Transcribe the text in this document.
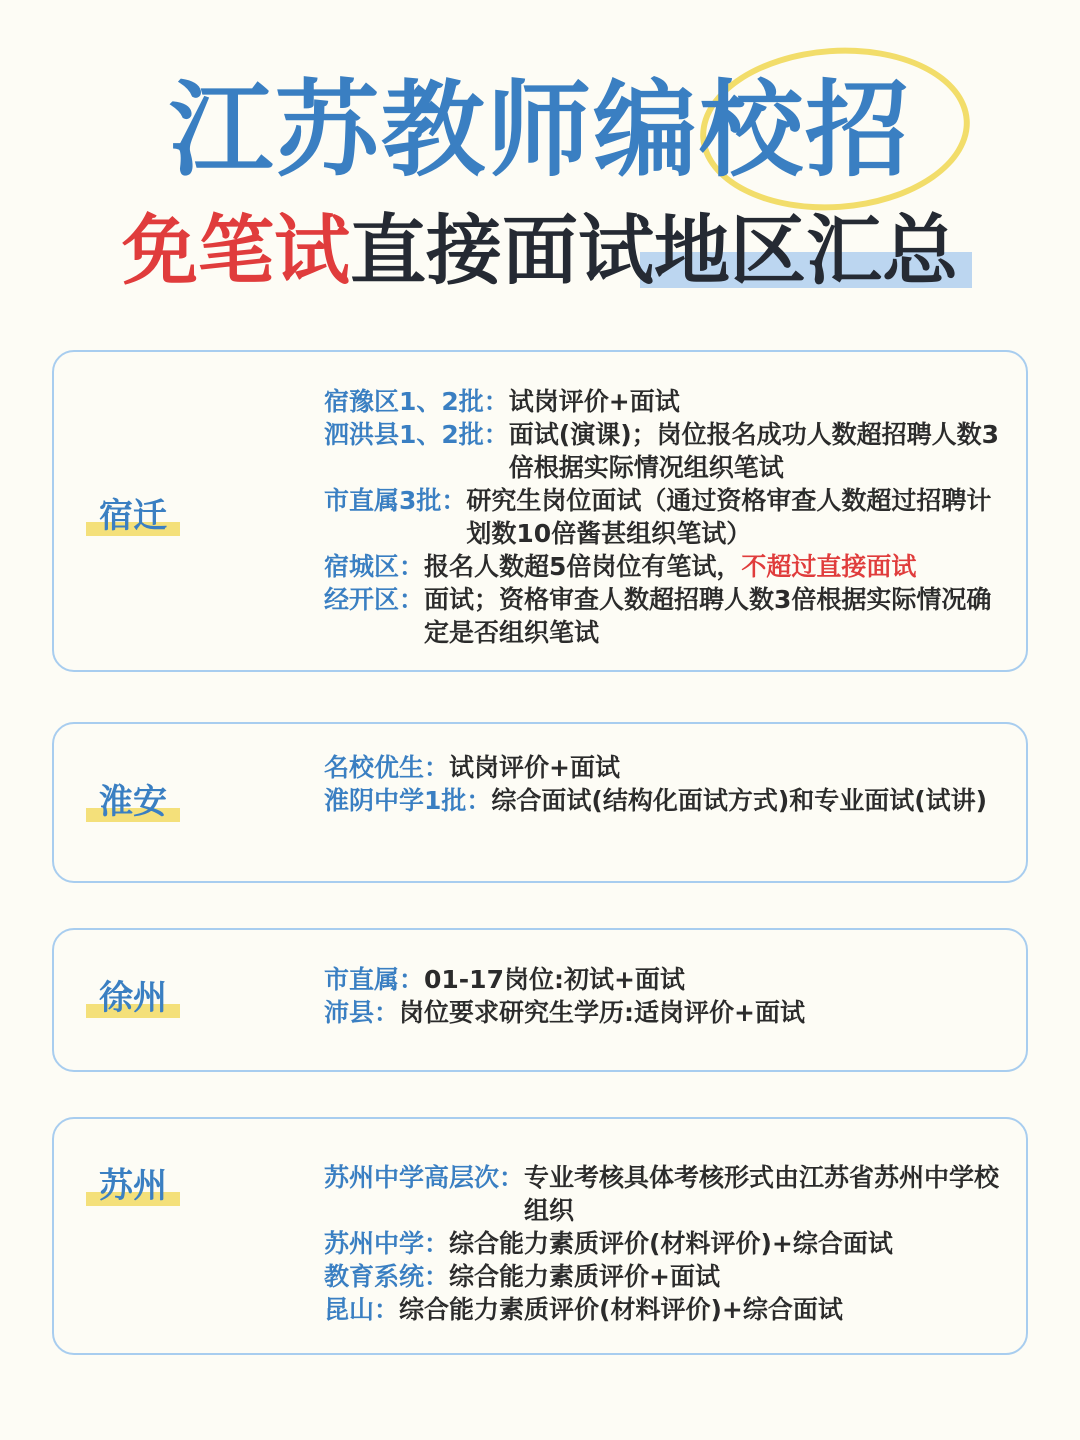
江苏教师编校招
免笔试直接面试地区汇总
宿迁
宿豫区1、2批： 试岗评价+面试
泗洪县1、2批： 面试(演课)；岗位报名成功人数超招聘人数3倍根据实际情况组织笔试
市直属3批： 研究生岗位面试（通过资格审查人数超过招聘计划数10倍酱甚组织笔试）
宿城区： 报名人数超5倍岗位有笔试，不超过直接面试
经开区： 面试；资格审查人数超招聘人数3倍根据实际情况确定是否组织笔试
淮安
名校优生： 试岗评价+面试
淮阴中学1批： 综合面试(结构化面试方式)和专业面试(试讲)
徐州	市直属： 01-17岗位:初试+面试
沛县： 岗位要求研究生学历:适岗评价+面试
苏州	苏州中学高层次： 专业考核具体考核形式由江苏省苏州中学校组织
苏州中学： 综合能力素质评价(材料评价)+综合面试
教育系统： 综合能力素质评价+面试
昆山： 综合能力素质评价(材料评价)+综合面试
